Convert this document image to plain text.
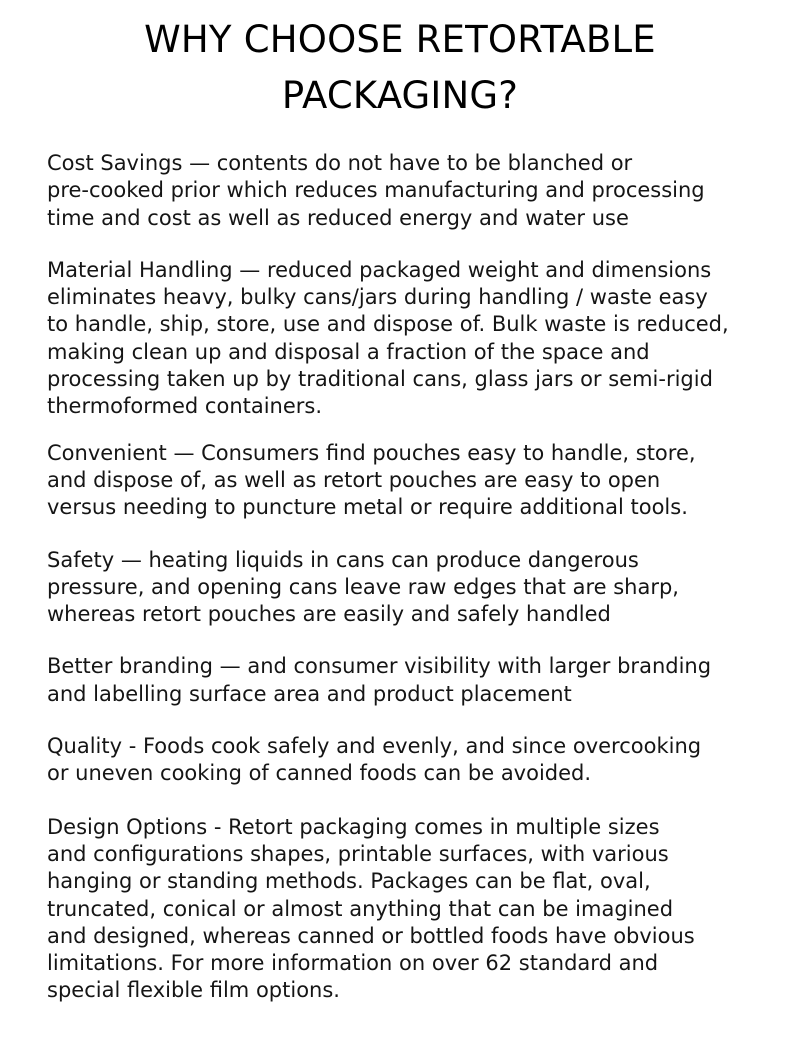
WHY CHOOSE RETORTABLE
PACKAGING?

Cost Savings — contents do not have to be blanched or
pre-cooked prior which reduces manufacturing and processing
time and cost as well as reduced energy and water use

Material Handling — reduced packaged weight and dimensions
eliminates heavy, bulky cans/jars during handling / waste easy
to handle, ship, store, use and dispose of. Bulk waste is reduced,
making clean up and disposal a fraction of the space and
processing taken up by traditional cans, glass jars or semi-rigid
thermoformed containers.

Convenient — Consumers find pouches easy to handle, store,
and dispose of, as well as retort pouches are easy to open
versus needing to puncture metal or require additional tools.

Safety — heating liquids in cans can produce dangerous
pressure, and opening cans leave raw edges that are sharp,
whereas retort pouches are easily and safely handled

Better branding — and consumer visibility with larger branding
and labelling surface area and product placement

Quality - Foods cook safely and evenly, and since overcooking
or uneven cooking of canned foods can be avoided.

Design Options - Retort packaging comes in multiple sizes
and configurations shapes, printable surfaces, with various
hanging or standing methods. Packages can be flat, oval,
truncated, conical or almost anything that can be imagined
and designed, whereas canned or bottled foods have obvious
limitations. For more information on over 62 standard and
special flexible film options.
